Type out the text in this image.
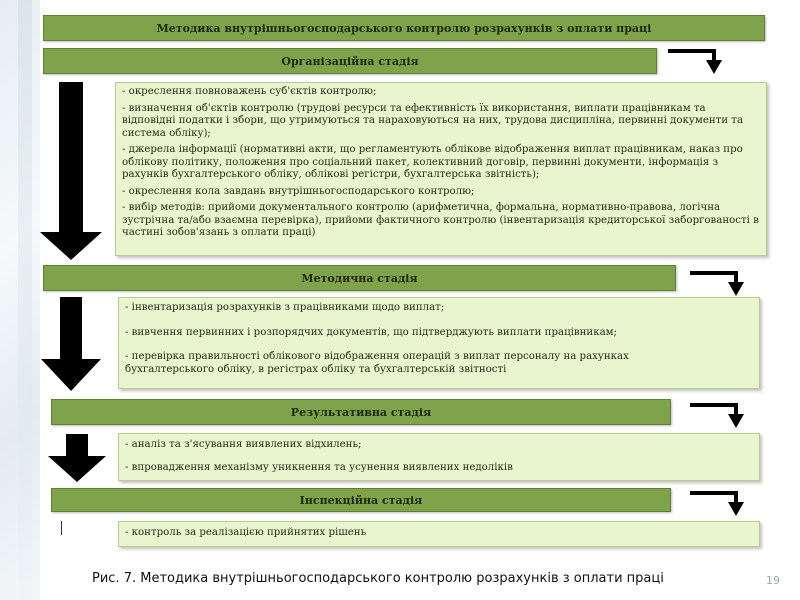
Методика внутрішньогосподарського контролю розрахунків з оплати праці
Організаційна стадія

- окреслення повноважень суб'єктів контролю;

- визначення об'єктів контролю (трудові ресурси та ефективність їх використання, виплати працівникам та відповідні податки і збори, що утримуються та нараховуються на них, трудова дисципліна, первинні документи та система обліку);

- джерела інформації (нормативні акти, що регламентують облікове відображення виплат працівникам, наказ про облікову політику, положення про соціальний пакет, колективний договір, первинні документи, інформація з рахунків бухгалтерського обліку, облікові регістри, бухгалтерська звітність);

- окреслення кола завдань внутрішньогосподарського контролю;

- вибір методів: прийоми документального контролю (арифметична, формальна, нормативно-правова, логічна зустрічна та/або взаємна перевірка), прийоми фактичного контролю (інвентаризація кредиторської заборгованості в частині зобов'язань з оплати праці)

Методична стадія

- інвентаризація розрахунків з працівниками щодо виплат;

- вивчення первинних і розпорядчих документів, що підтверджують виплати працівникам;

- перевірка правильності облікового відображення операцій з виплат персоналу на рахунках бухгалтерського обліку, в регістрах обліку та бухгалтерській звітності

Результативна стадія

- аналіз та з'ясування виявлених відхилень;

- впровадження механізму уникнення та усунення виявлених недоліків

Інспекційна стадія

- контроль за реалізацією прийнятих рішень

Рис. 7. Методика внутрішньогосподарського контролю розрахунків з оплати праці	19
